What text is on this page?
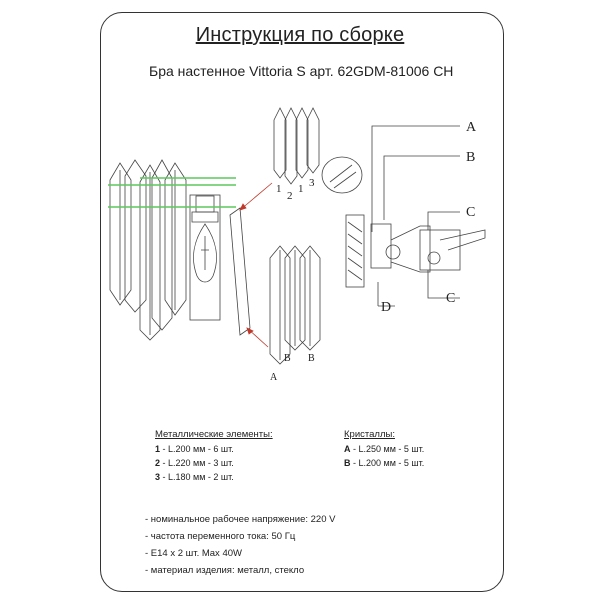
Инструкция по сборке
Бра настенное Vittoria S арт. 62GDM-81006 CH
1
2
1 3
A
B B
A
B
C
C
D
Металлические элементы:
1 - L.200 мм - 6 шт.
2 - L.220 мм - 3 шт.
3 - L.180 мм - 2 шт.
Кристаллы:
A - L.250 мм - 5 шт.
B - L.200 мм - 5 шт.
- номинальное рабочее напряжение: 220 V
- частота переменного тока: 50 Гц
- E14 x 2 шт. Max 40W
- материал изделия: металл, стекло
